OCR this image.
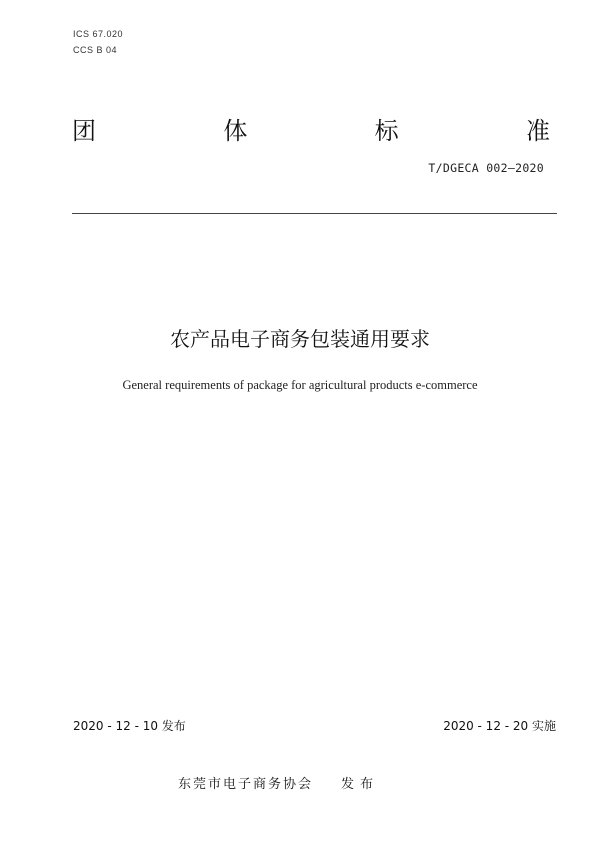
ICS 67.020
CCS B 04
团	体	标	准
T/DGECA 002—2020
农产品电子商务包装通用要求
General requirements of package for agricultural products e-commerce
2020 - 12 - 10 发布	2020 - 12 - 20 实施
东莞市电子商务协会 发布
